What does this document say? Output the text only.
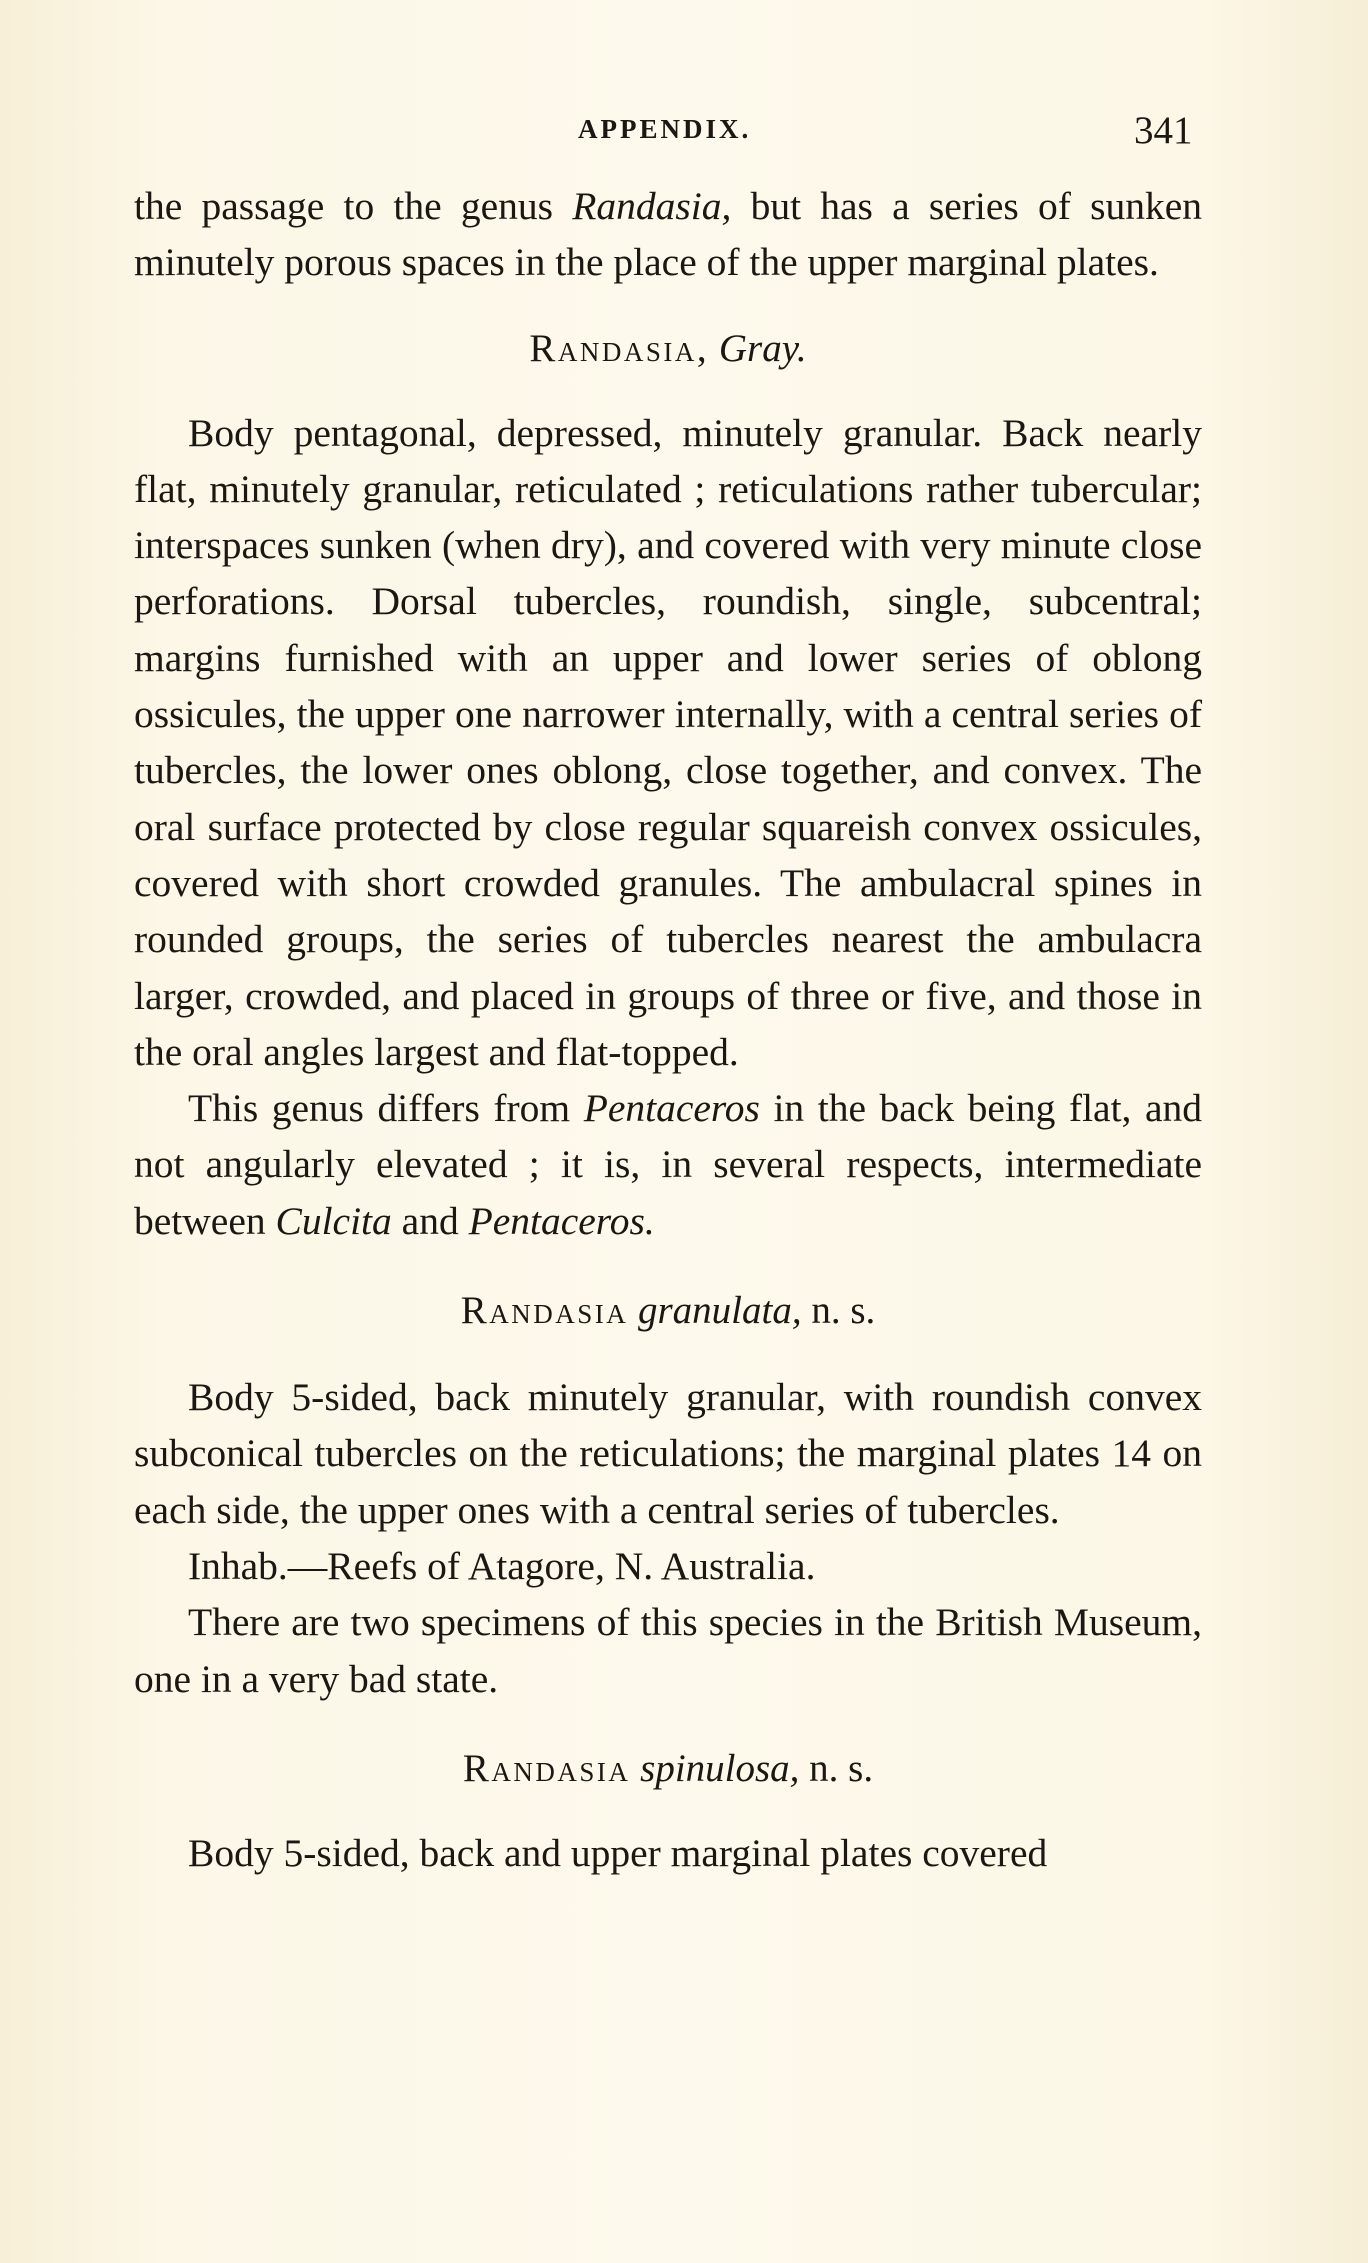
APPENDIX.	341

the passage to the genus Randasia, but has a series of sunken minutely porous spaces in the place of the upper marginal plates.

Randasia, Gray.

Body pentagonal, depressed, minutely granular. Back nearly flat, minutely granular, reticulated ; reticulations rather tubercular; interspaces sunken (when dry), and covered with very minute close perforations. Dorsal tubercles, roundish, single, subcentral; margins furnished with an upper and lower series of oblong ossicules, the upper one narrower internally, with a central series of tubercles, the lower ones oblong, close together, and convex. The oral surface protected by close regular squareish convex ossicules, covered with short crowded granules. The ambulacral spines in rounded groups, the series of tubercles nearest the ambulacra larger, crowded, and placed in groups of three or five, and those in the oral angles largest and flat-topped.

This genus differs from Pentaceros in the back being flat, and not angularly elevated ; it is, in several respects, intermediate between Culcita and Pentaceros.

Randasia granulata, n. s.

Body 5-sided, back minutely granular, with roundish convex subconical tubercles on the reticulations; the marginal plates 14 on each side, the upper ones with a central series of tubercles.

Inhab.—Reefs of Atagore, N. Australia.

There are two specimens of this species in the British Museum, one in a very bad state.

Randasia spinulosa, n. s.

Body 5-sided, back and upper marginal plates covered
